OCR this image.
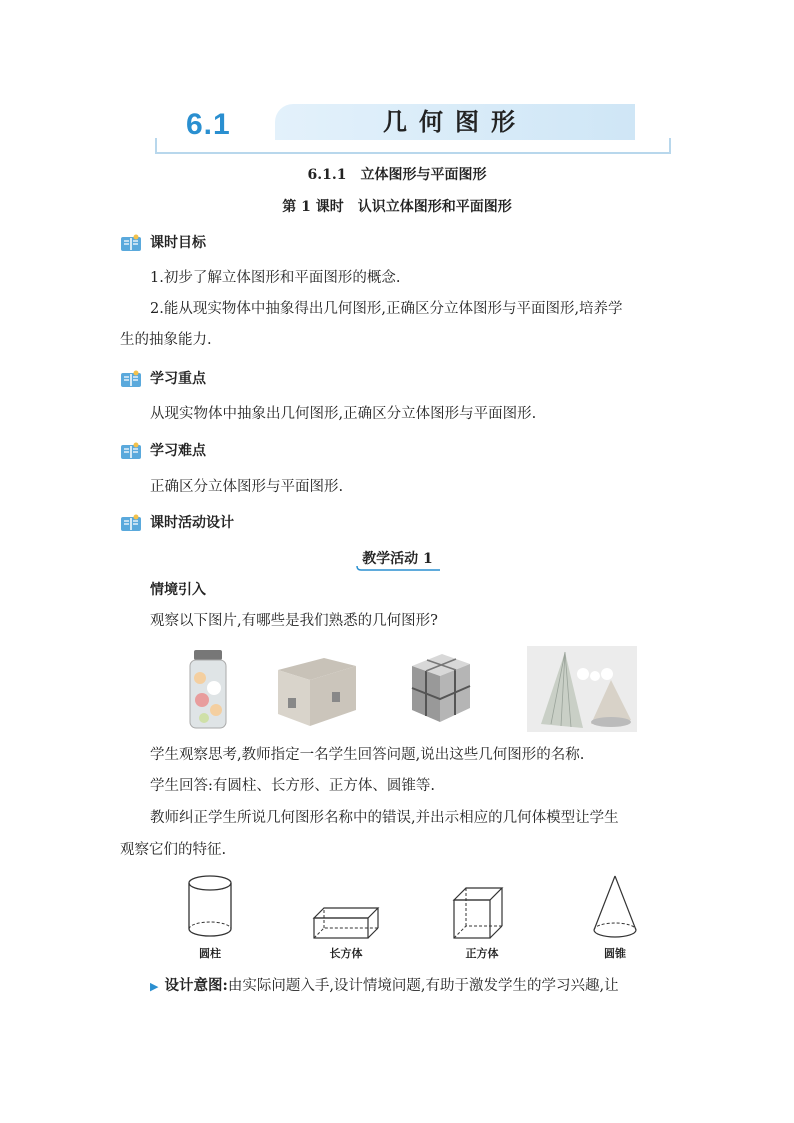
6.1	几何图形
6.1.1　立体图形与平面图形
第 1 课时　认识立体图形和平面图形
课时目标
1.初步了解立体图形和平面图形的概念.
2.能从现实物体中抽象得出几何图形,正确区分立体图形与平面图形,培养学
生的抽象能力.
学习重点
从现实物体中抽象出几何图形,正确区分立体图形与平面图形.
学习难点
正确区分立体图形与平面图形.
课时活动设计
教学活动 1
情境引入
观察以下图片,有哪些是我们熟悉的几何图形?
学生观察思考,教师指定一名学生回答问题,说出这些几何图形的名称.
学生回答:有圆柱、长方形、正方体、圆锥等.
教师纠正学生所说几何图形名称中的错误,并出示相应的几何体模型让学生
观察它们的特征.
圆柱	长方体	正方体	圆锥
▶ 设计意图:由实际问题入手,设计情境问题,有助于激发学生的学习兴趣,让
